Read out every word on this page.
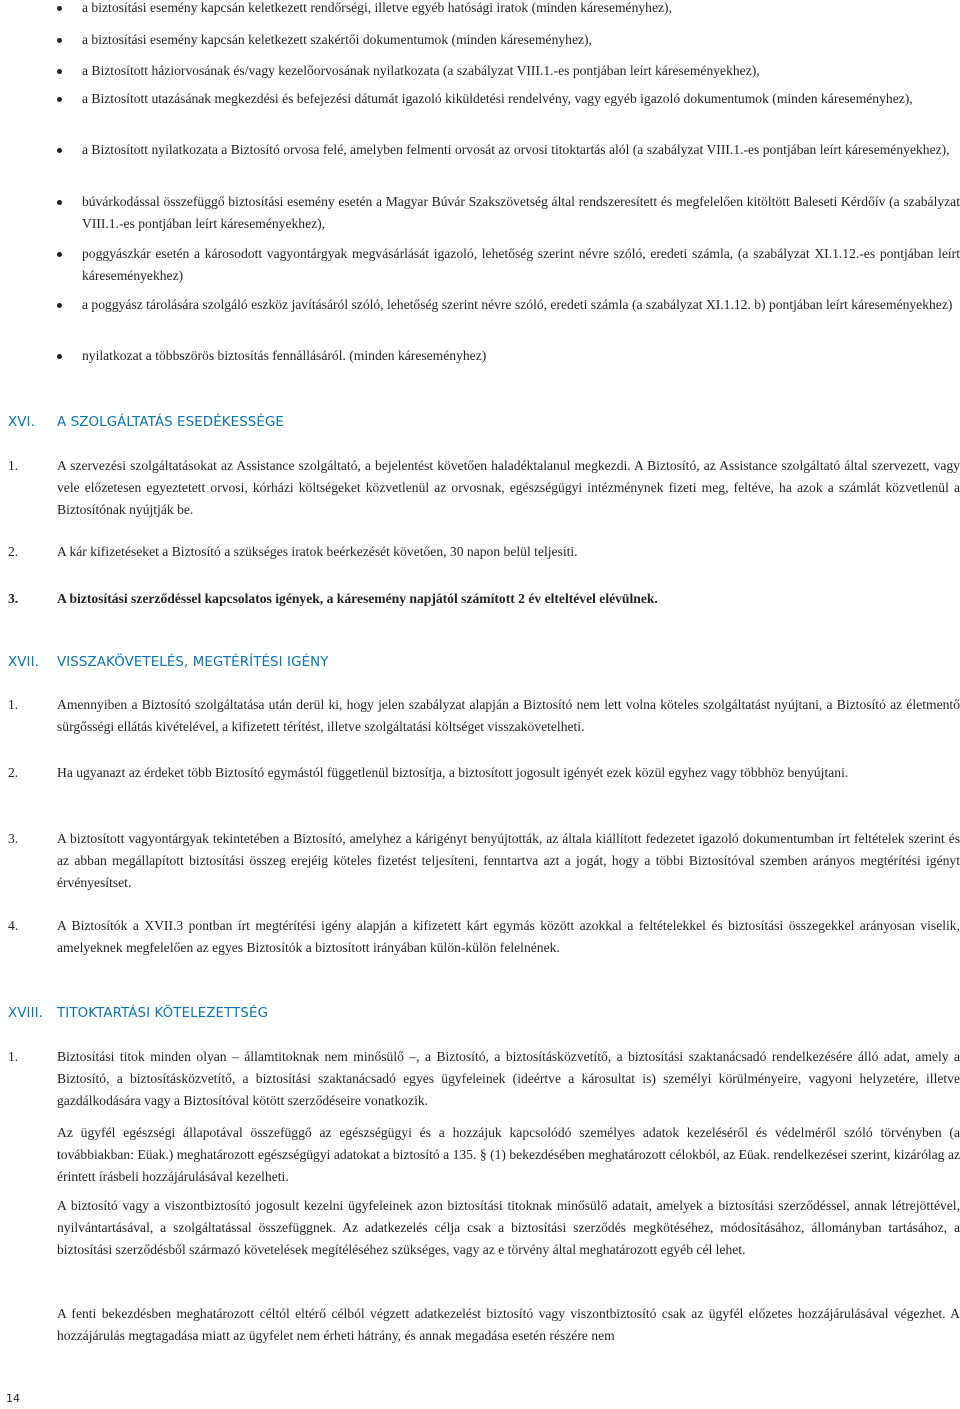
a biztosítási esemény kapcsán keletkezett rendőrségi, illetve egyéb hatósági iratok (minden káreseményhez),
a biztosítási esemény kapcsán keletkezett szakértői dokumentumok (minden káreseményhez),
a Biztosított háziorvosának és/vagy kezelőorvosának nyilatkozata (a szabályzat VIII.1.-es pontjában leírt káreseményekhez),
a Biztosított utazásának megkezdési és befejezési dátumát igazoló kiküldetési rendelvény, vagy egyéb igazoló dokumentumok (minden káreseményhez),
a Biztosított nyilatkozata a Biztosító orvosa felé, amelyben felmenti orvosát az orvosi titoktartás alól (a szabályzat VIII.1.-es pontjában leírt káreseményekhez),
búvárkodással összefüggő biztosítási esemény esetén a Magyar Búvár Szakszövetség által rendszeresített és megfelelően kitöltött Baleseti Kérdőív (a szabályzat VIII.1.-es pontjában leírt káreseményekhez),
poggyászkár esetén a károsodott vagyontárgyak megvásárlását igazoló, lehetőség szerint névre szóló, eredeti számla, (a szabályzat XI.1.12.-es pontjában leírt káreseményekhez)
a poggyász tárolására szolgáló eszköz javításáról szóló, lehetőség szerint névre szóló, eredeti számla (a szabályzat XI.1.12. b) pontjában leírt káreseményekhez)
nyilatkozat a többszörös biztosítás fennállásáról. (minden káreseményhez)
XVI. A SZOLGÁLTATÁS ESEDÉKESSÉGE
1.	A szervezési szolgáltatásokat az Assistance szolgáltató, a bejelentést követően haladéktalanul megkezdi. A Biztosító, az Assistance szolgáltató által szervezett, vagy vele előzetesen egyeztetett orvosi, kórházi költségeket közvetlenül az orvosnak, egészségügyi intézménynek fizeti meg, feltéve, ha azok a számlát közvetlenül a Biztosítónak nyújtják be.
2.	A kár kifizetéseket a Biztosító a szükséges iratok beérkezését követően, 30 napon belül teljesíti.
3.	A biztosítási szerződéssel kapcsolatos igények, a káresemény napjától számított 2 év elteltével elévülnek.
XVII. VISSZAKÖVETELÉS, MEGTÉRÍTÉSI IGÉNY
1.	Amennyiben a Biztosító szolgáltatása után derül ki, hogy jelen szabályzat alapján a Biztosító nem lett volna köteles szolgáltatást nyújtani, a Biztosító az életmentő sürgősségi ellátás kivételével, a kifizetett térítést, illetve szolgáltatási költséget visszakövetelheti.
2.	Ha ugyanazt az érdeket több Biztosító egymástól függetlenül biztosítja, a biztosított jogosult igényét ezek közül egyhez vagy többhöz benyújtani.
3.	A biztosított vagyontárgyak tekintetében a Biztosító, amelyhez a kárigényt benyújtották, az általa kiállított fedezetet igazoló dokumentumban írt feltételek szerint és az abban megállapított biztosítási összeg erejéig köteles fizetést teljesíteni, fenntartva azt a jogát, hogy a többi Biztosítóval szemben arányos megtérítési igényt érvényesítset.
4.	A Biztosítók a XVII.3 pontban írt megtérítési igény alapján a kifizetett kárt egymás között azokkal a feltételekkel és biztosítási összegekkel arányosan viselik, amelyeknek megfelelően az egyes Biztosítók a biztosított irányában külön-külön felelnének.
XVIII. TITOKTARTÁSI KÖTELEZETTSÉG
1.	Biztosítási titok minden olyan – államtitoknak nem minősülő –, a Biztosító, a biztosításközvetítő, a biztosítási szaktanácsadó rendelkezésére álló adat, amely a Biztosító, a biztosításközvetítő, a biztosítási szaktanácsadó egyes ügyfeleinek (ideértve a károsultat is) személyi körülményeire, vagyoni helyzetére, illetve gazdálkodására vagy a Biztosítóval kötött szerződéseire vonatkozik.
Az ügyfél egészségi állapotával összefüggő az egészségügyi és a hozzájuk kapcsolódó személyes adatok kezeléséről és védelméről szóló törvényben (a továbbiakban: Eüak.) meghatározott egészségügyi adatokat a biztosító a 135. § (1) bekezdésében meghatározott célokból, az Eüak. rendelkezései szerint, kizárólag az érintett írásbeli hozzájárulásával kezelheti.
A biztosító vagy a viszontbiztosító jogosult kezelni ügyfeleinek azon biztosítási titoknak minősülő adatait, amelyek a biztosítási szerződéssel, annak létrejöttével, nyilvántartásával, a szolgáltatással összefüggnek. Az adatkezelés célja csak a biztosítási szerződés megkötéséhez, módosításához, állományban tartásához, a biztosítási szerződésből származó követelések megítéléséhez szükséges, vagy az e törvény által meghatározott egyéb cél lehet.
A fenti bekezdésben meghatározott céltól eltérő célból végzett adatkezelést biztosító vagy viszontbiztosító csak az ügyfél előzetes hozzájárulásával végezhet. A hozzájárulás megtagadása miatt az ügyfelet nem érheti hátrány, és annak megadása esetén részére nem
14
